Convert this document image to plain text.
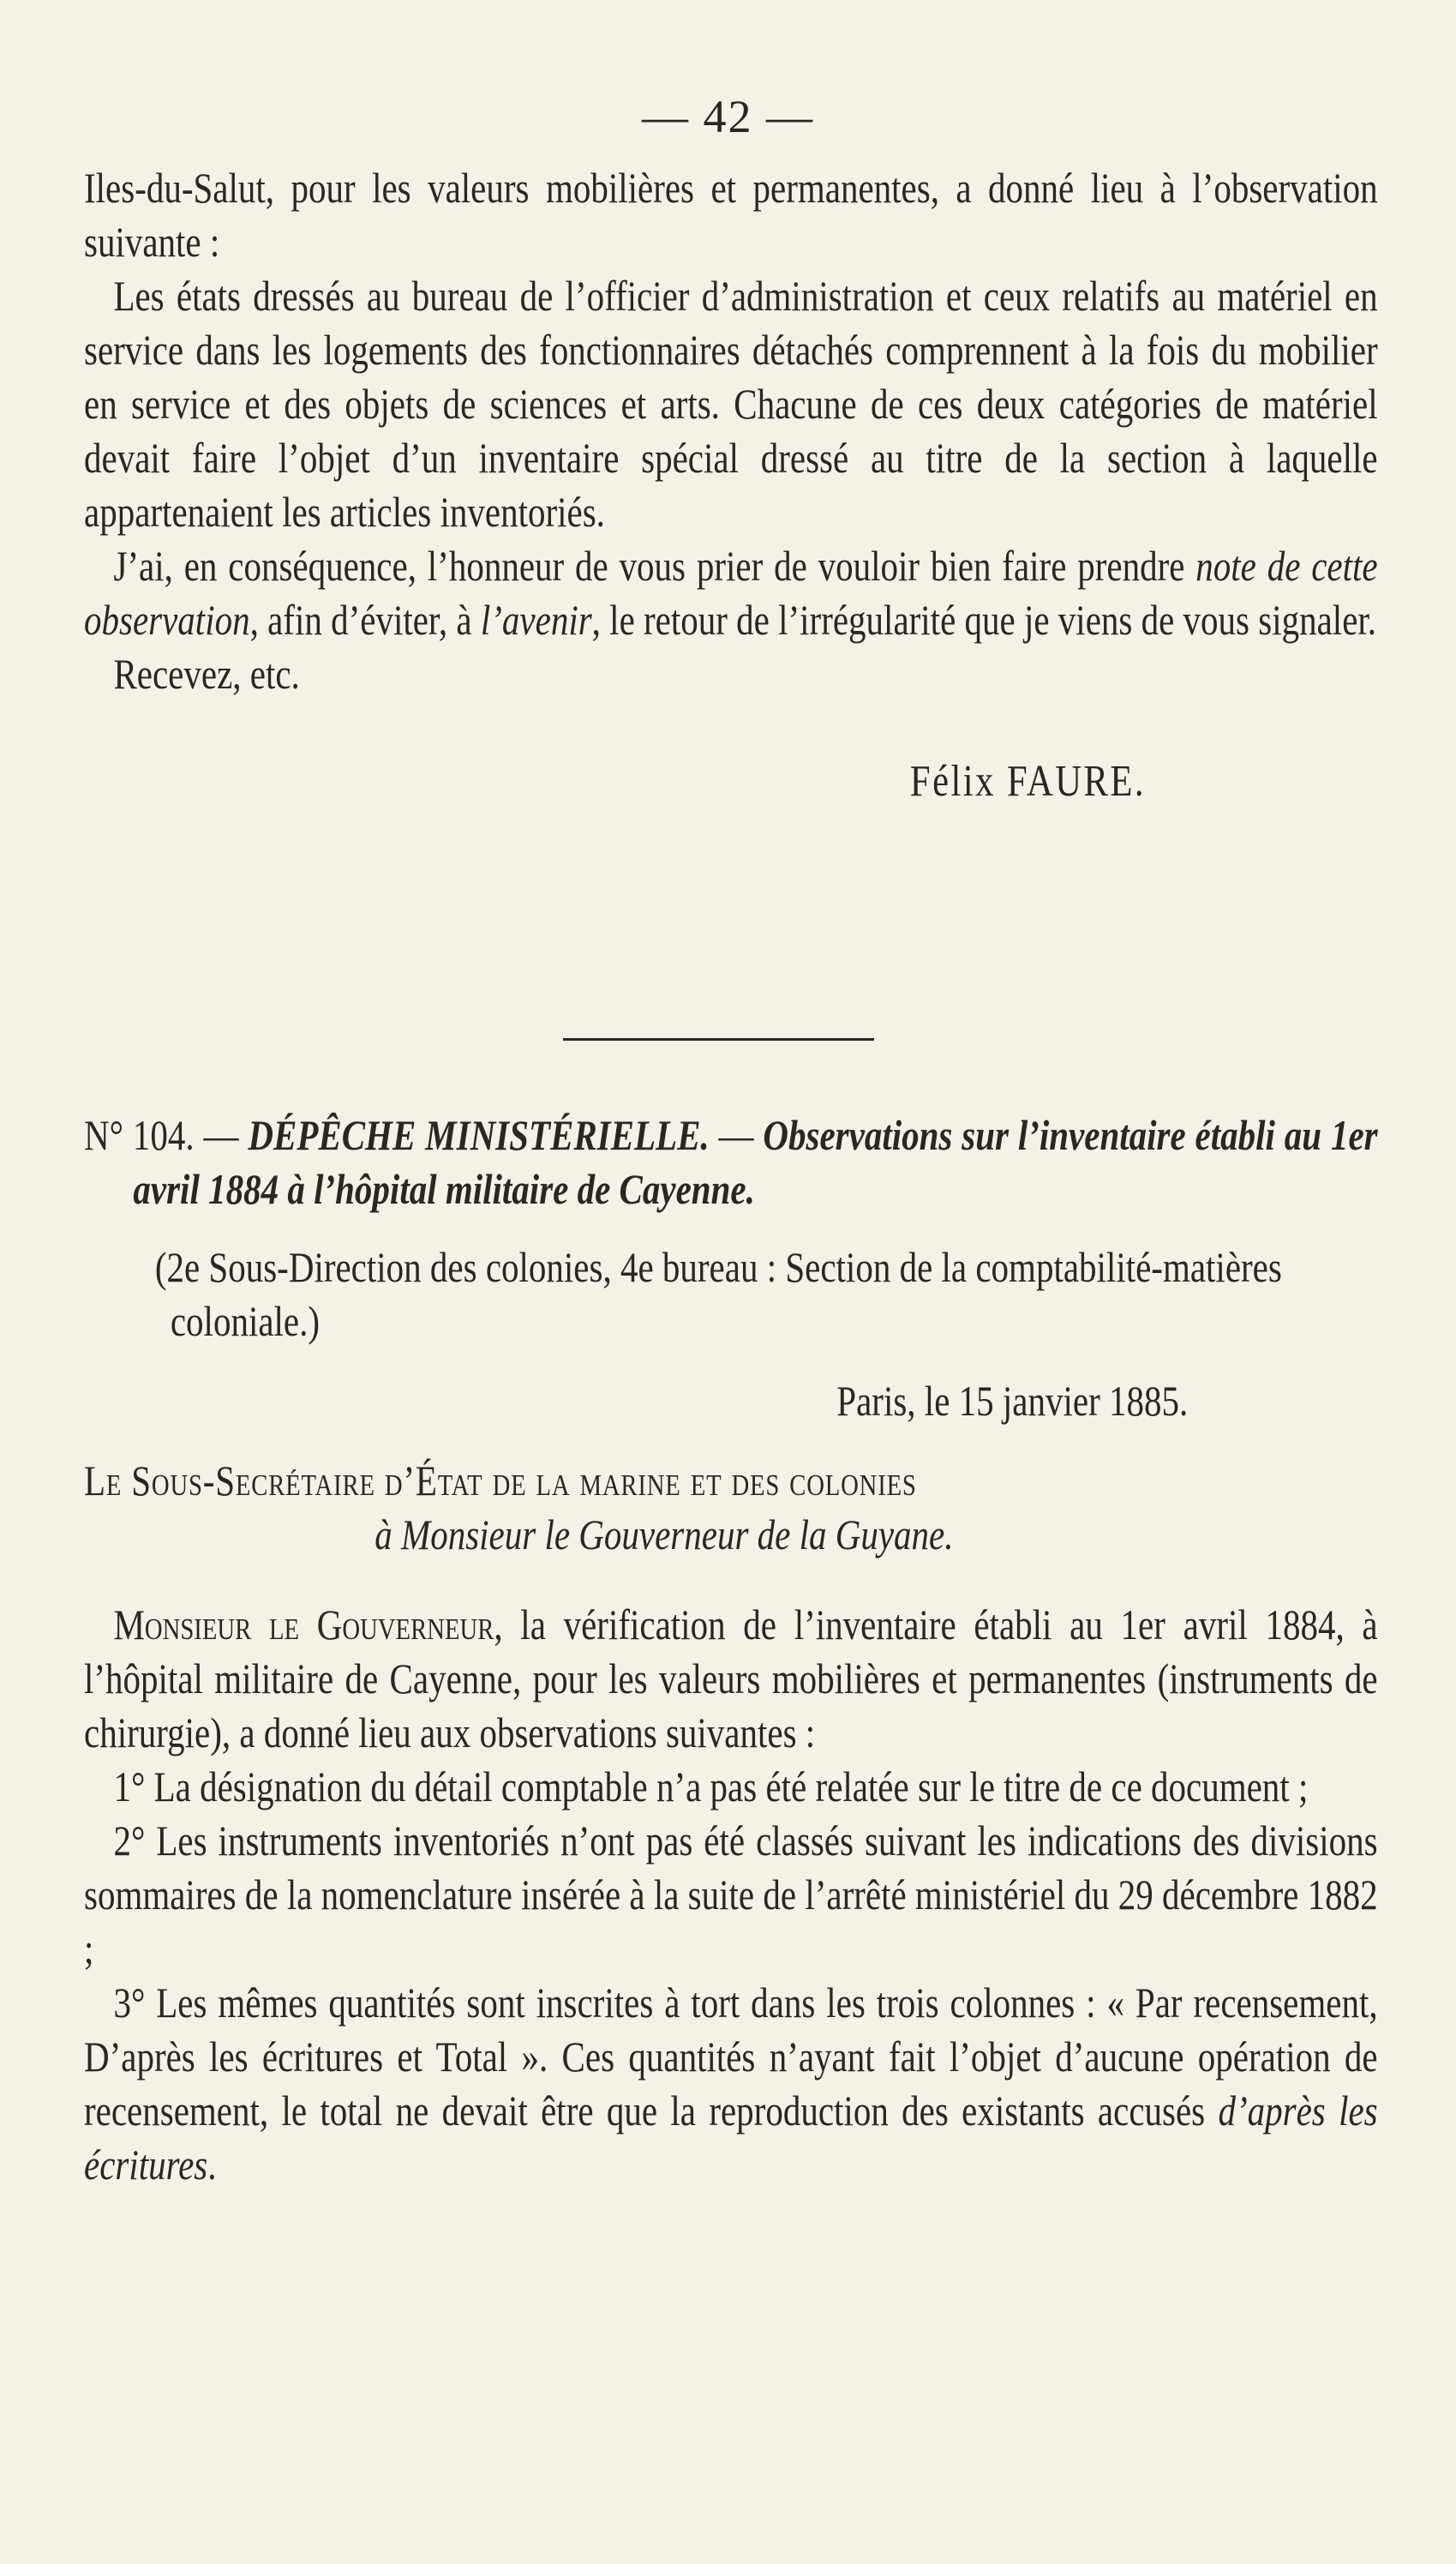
— 42 —

Iles-du-Salut, pour les valeurs mobilières et permanentes, a donné lieu à l’observation suivante :

Les états dressés au bureau de l’officier d’administration et ceux relatifs au matériel en service dans les logements des fonctionnaires détachés comprennent à la fois du mobilier en service et des objets de sciences et arts. Chacune de ces deux catégories de matériel devait faire l’objet d’un inventaire spécial dressé au titre de la section à laquelle appartenaient les articles inventoriés.

J’ai, en conséquence, l’honneur de vous prier de vouloir bien faire prendre note de cette observation, afin d’éviter, à l’avenir, le retour de l’irrégularité que je viens de vous signaler.

Recevez, etc.

Félix FAURE.

N° 104. — DÉPÊCHE MINISTÉRIELLE. — Observations sur l’inventaire établi au 1er avril 1884 à l’hôpital militaire de Cayenne.

(2e Sous-Direction des colonies, 4e bureau : Section de la comptabilité-matières coloniale.)

Paris, le 15 janvier 1885.

Le Sous-Secrétaire d’État de la marine et des colonies

à Monsieur le Gouverneur de la Guyane.

Monsieur le Gouverneur, la vérification de l’inventaire établi au 1er avril 1884, à l’hôpital militaire de Cayenne, pour les valeurs mobilières et permanentes (instruments de chirurgie), a donné lieu aux observations suivantes :

1° La désignation du détail comptable n’a pas été relatée sur le titre de ce document ;

2° Les instruments inventoriés n’ont pas été classés suivant les indications des divisions sommaires de la nomenclature insérée à la suite de l’arrêté ministériel du 29 décembre 1882 ;

3° Les mêmes quantités sont inscrites à tort dans les trois colonnes : « Par recensement, D’après les écritures et Total ». Ces quantités n’ayant fait l’objet d’aucune opération de recensement, le total ne devait être que la reproduction des existants accusés d’après les écritures.
